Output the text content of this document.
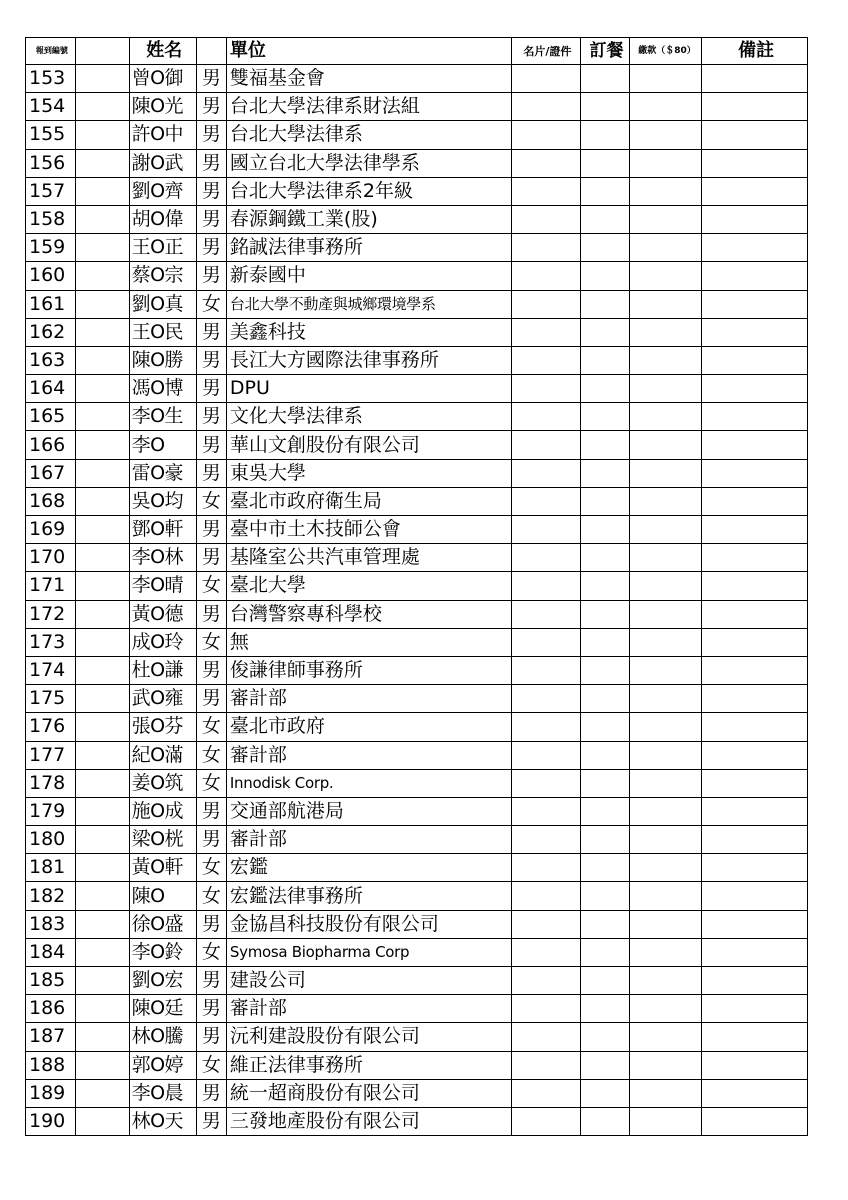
報到編號		姓名		單位	名片/證件	訂餐	繳款（＄80）	備註
153		曾O御	男	雙福基金會				
154		陳O光	男	台北大學法律系財法組				
155		許O中	男	台北大學法律系				
156		謝O武	男	國立台北大學法律學系				
157		劉O齊	男	台北大學法律系2年級				
158		胡O偉	男	春源鋼鐵工業(股)				
159		王O正	男	銘誠法律事務所				
160		蔡O宗	男	新泰國中				
161		劉O真	女	台北大學不動產與城鄉環境學系				
162		王O民	男	美鑫科技				
163		陳O勝	男	長江大方國際法律事務所				
164		馮O博	男	DPU				
165		李O生	男	文化大學法律系				
166		李O	男	華山文創股份有限公司				
167		雷O豪	男	東吳大學				
168		吳O均	女	臺北市政府衛生局				
169		鄧O軒	男	臺中市土木技師公會				
170		李O林	男	基隆室公共汽車管理處				
171		李O晴	女	臺北大學				
172		黃O德	男	台灣警察專科學校				
173		成O玲	女	無				
174		杜O謙	男	俊謙律師事務所				
175		武O雍	男	審計部				
176		張O芬	女	臺北市政府				
177		紀O滿	女	審計部				
178		姜O筑	女	Innodisk Corp.				
179		施O成	男	交通部航港局				
180		梁O桄	男	審計部				
181		黃O軒	女	宏鑑				
182		陳O	女	宏鑑法律事務所				
183		徐O盛	男	金協昌科技股份有限公司				
184		李O鈴	女	Symosa Biopharma Corp				
185		劉O宏	男	建設公司				
186		陳O廷	男	審計部				
187		林O騰	男	沅利建設股份有限公司				
188		郭O婷	女	維正法律事務所				
189		李O晨	男	統一超商股份有限公司				
190		林O天	男	三發地產股份有限公司				
